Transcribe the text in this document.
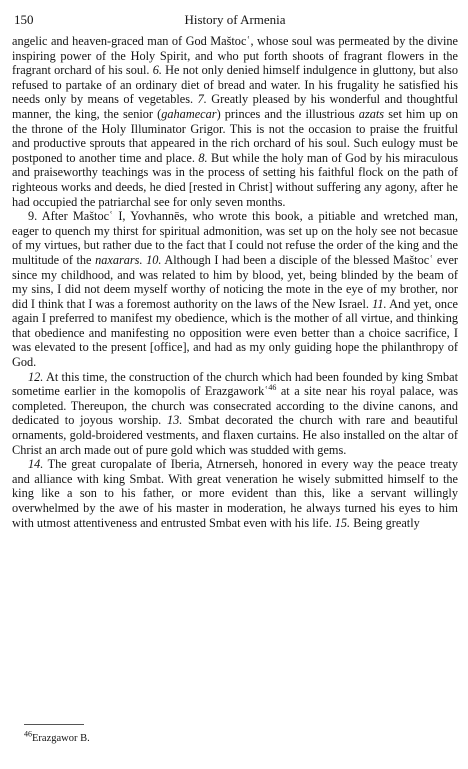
150	History of Armenia

angelic and heaven-graced man of God Maštocʿ, whose soul was permeated by the divine inspiring power of the Holy Spirit, and who put forth shoots of fragrant flowers in the fragrant orchard of his soul. 6. He not only denied himself indulgence in gluttony, but also refused to partake of an ordinary diet of bread and water. In his frugality he satisfied his needs only by means of vegetables. 7. Greatly pleased by his wonderful and thoughtful manner, the king, the senior (gahamecar) princes and the illustrious azats set him up on the throne of the Holy Illuminator Grigor. This is not the occasion to praise the fruitful and productive sprouts that appeared in the rich orchard of his soul. Such eulogy must be postponed to another time and place. 8. But while the holy man of God by his miraculous and praiseworthy teachings was in the process of setting his faithful flock on the path of righteous works and deeds, he died [rested in Christ] without suffering any agony, after he had occupied the patriarchal see for only seven months.

9. After Maštocʿ I, Yovhannēs, who wrote this book, a pitiable and wretched man, eager to quench my thirst for spiritual admonition, was set up on the holy see not becasue of my virtues, but rather due to the fact that I could not refuse the order of the king and the multitude of the naxarars. 10. Although I had been a disciple of the blessed Maštocʿ ever since my childhood, and was related to him by blood, yet, being blinded by the beam of my sins, I did not deem myself worthy of noticing the mote in the eye of my brother, nor did I think that I was a foremost authority on the laws of the New Israel. 11. And yet, once again I preferred to manifest my obedience, which is the mother of all virtue, and thinking that obedience and manifesting no opposition were even better than a choice sacrifice, I was elevated to the present [office], and had as my only guiding hope the philanthropy of God.

12. At this time, the construction of the church which had been founded by king Smbat sometime earlier in the komopolis of Erazgaworkʿ$^{46}$ at a site near his royal palace, was completed. Thereupon, the church was consecrated according to the divine canons, and dedicated to joyous worship. 13. Smbat decorated the church with rare and beautiful ornaments, gold-broidered vestments, and flaxen curtains. He also installed on the altar of Christ an arch made out of pure gold which was studded with gems.

14. The great curopalate of Iberia, Atrnerseh, honored in every way the peace treaty and alliance with king Smbat. With great veneration he wisely submitted himself to the king like a son to his father, or more evident than this, like a servant willingly overwhelmed by the awe of his master in moderation, he always turned his eyes to him with utmost attentiveness and entrusted Smbat even with his life. 15. Being greatly

$^{46}$Erazgawor B.
